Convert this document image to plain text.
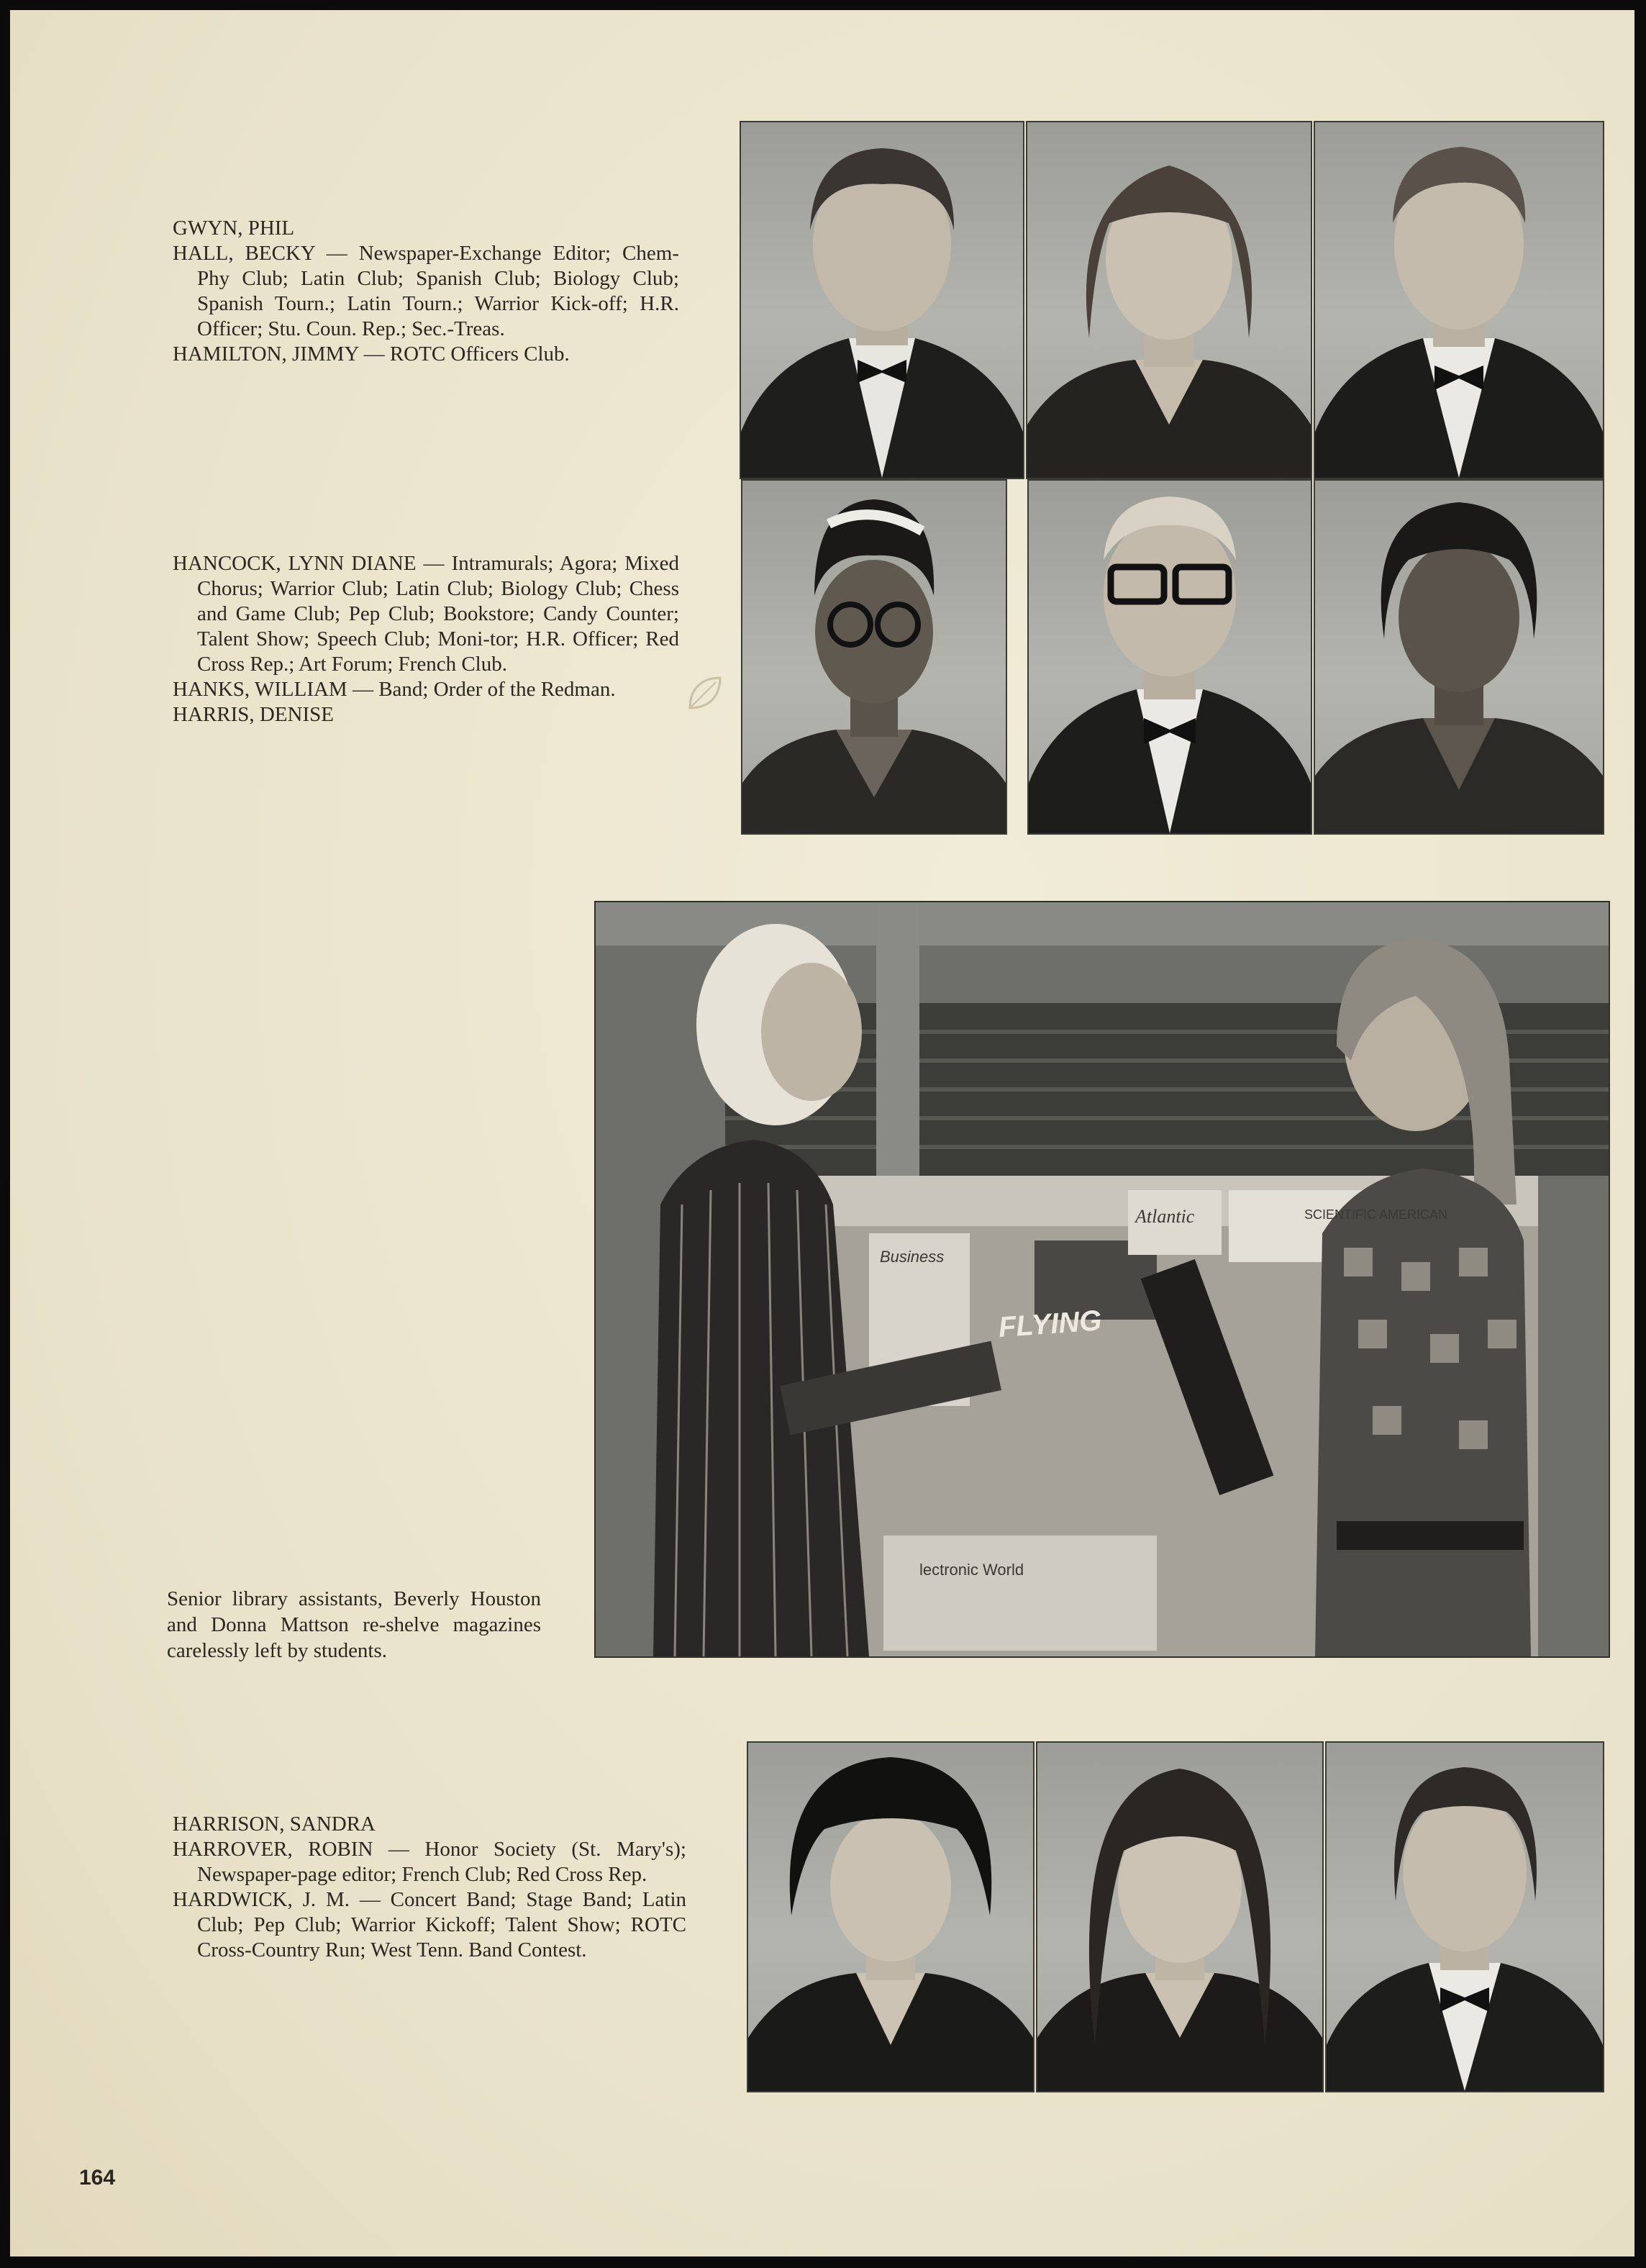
GWYN, PHIL

HALL, BECKY — Newspaper-Exchange Editor; Chem-Phy Club; Latin Club; Spanish Club; Biology Club; Spanish Tourn.; Latin Tourn.; Warrior Kick-off; H.R. Officer; Stu. Coun. Rep.; Sec.-Treas.

HAMILTON, JIMMY — ROTC Officers Club.

HANCOCK, LYNN DIANE — Intramurals; Agora; Mixed Chorus; Warrior Club; Latin Club; Biology Club; Chess and Game Club; Pep Club; Bookstore; Candy Counter; Talent Show; Speech Club; Moni-tor; H.R. Officer; Red Cross Rep.; Art Forum; French Club.

HANKS, WILLIAM — Band; Order of the Redman.

HARRIS, DENISE

HARRISON, SANDRA

HARROVER, ROBIN — Honor Society (St. Mary's); Newspaper-page editor; French Club; Red Cross Rep.

HARDWICK, J. M. — Concert Band; Stage Band; Latin Club; Pep Club; Warrior Kickoff; Talent Show; ROTC Cross-Country Run; West Tenn. Band Contest.

FLYING
SCIENTIFIC AMERICAN
Business
Atlantic
lectronic World
Senior library assistants, Beverly Houston and Donna Mattson re-shelve magazines carelessly left by students.
164
